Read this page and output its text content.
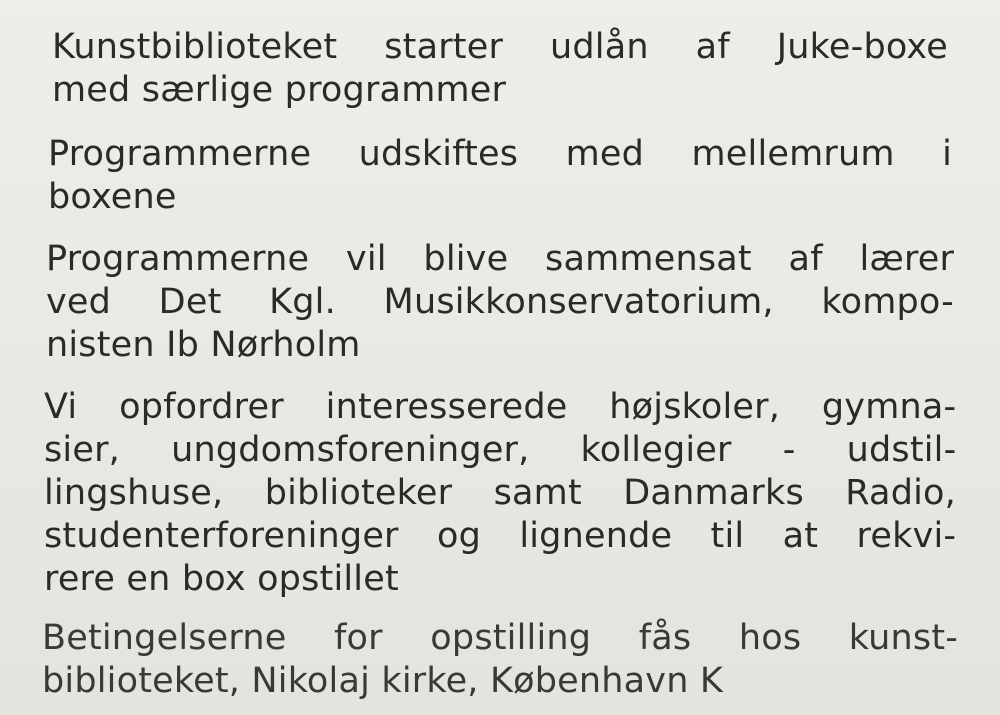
Kunstbiblioteket starter udlån af Juke-boxe
med særlige programmer

Programmerne udskiftes med mellemrum i
boxene

Programmerne vil blive sammensat af lærer
ved Det Kgl. Musikkonservatorium, kompo-
nisten Ib Nørholm

Vi opfordrer interesserede højskoler, gymna-
sier, ungdomsforeninger, kollegier - udstil-
lingshuse, biblioteker samt Danmarks Radio,
studenterforeninger og lignende til at rekvi-
rere en box opstillet

Betingelserne for opstilling fås hos kunst-
biblioteket, Nikolaj kirke, København K
